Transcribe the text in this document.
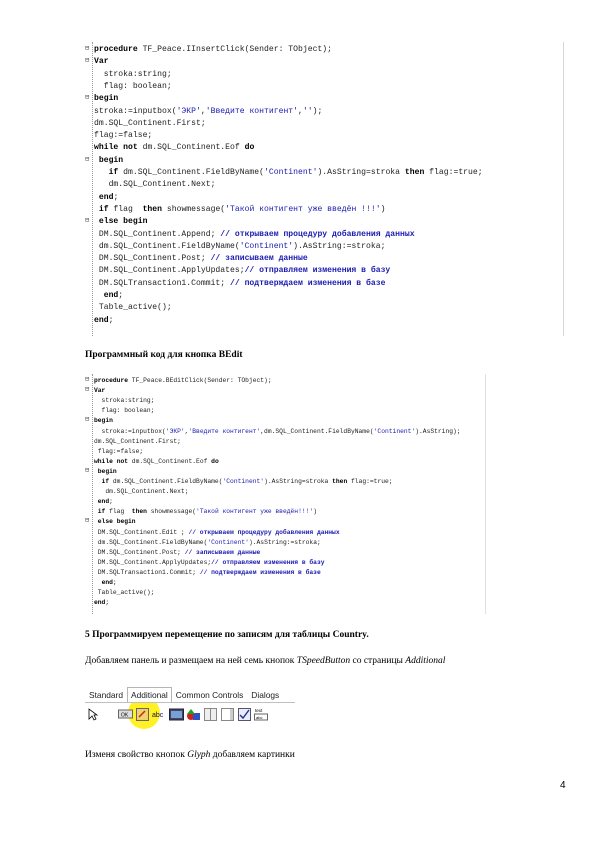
⊟ procedure TF_Peace.IInsertClick(Sender: TObject);
⊟ Var
stroka:string;
flag: boolean;
⊟ begin
stroka:=inputbox('ЭКР','Введите контигент','');
dm.SQL_Continent.First;
flag:=false;
while not dm.SQL_Continent.Eof do
⊟	begin
if dm.SQL_Continent.FieldByName('Continent').AsString=stroka then flag:=true;
dm.SQL_Continent.Next;
end;
if flag  then showmessage('Такой контигент уже введён !!!')
⊟	else begin
DM.SQL_Continent.Append; // открываем процедуру добавления данных
dm.SQL_Continent.FieldByName('Continent').AsString:=stroka;
DM.SQL_Continent.Post; // записываем данные
DM.SQL_Continent.ApplyUpdates;// отправляем изменения в базу
DM.SQLTransaction1.Commit; // подтверждаем изменения в базе
end;
Table_active();
end;
Программный код для кнопка BEdit
⊟ procedure TF_Peace.BEditClick(Sender: TObject);
⊟ Var
stroka:string;
flag: boolean;
⊟ begin
stroka:=inputbox('ЭКР','Введите контигент',dm.SQL_Continent.FieldByName('Continent').AsString);
dm.SQL_Continent.First;
flag:=false;
while not dm.SQL_Continent.Eof do
⊟	begin
if dm.SQL_Continent.FieldByName('Continent').AsString=stroka then flag:=true;
dm.SQL_Continent.Next;
end;
if flag  then showmessage('Такой контигент уже введён!!!')
⊟	else begin
DM.SQL_Continent.Edit ; // открываем процедуру добавления данных
dm.SQL_Continent.FieldByName('Continent').AsString:=stroka;
DM.SQL_Continent.Post; // записываем данные
DM.SQL_Continent.ApplyUpdates;// отправляем изменения в базу
DM.SQLTransaction1.Commit; // подтверждаем изменения в базе
end;
Table_active();
end;
5 Программируем перемещение по записям для таблицы Country.
Добавляем панель и размещаем на ней семь кнопок TSpeedButton со страницы Additional
Standard Additional Common Controls Dialogs
OK	abc
text
abc
Изменя свойство кнопок Glyph добавляем картинки
4
